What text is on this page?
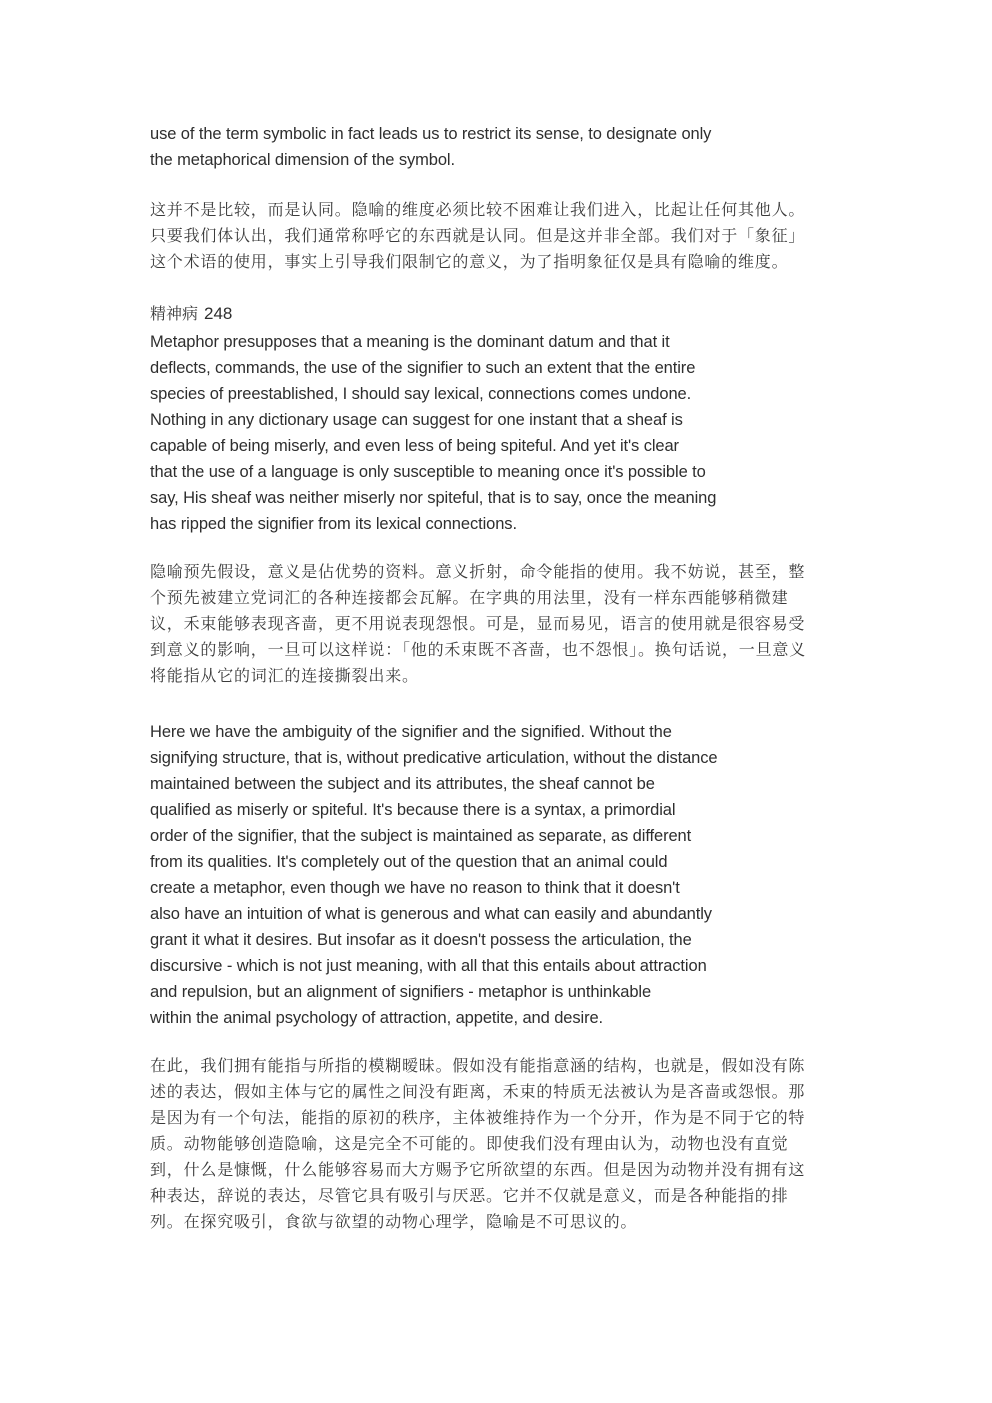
use of the term symbolic in fact leads us to restrict its sense, to designate only
the metaphorical dimension of the symbol.
这并不是比较，而是认同。隐喻的维度必须比较不困难让我们进入，比起让任何其他人。
只要我们体认出，我们通常称呼它的东西就是认同。但是这并非全部。我们对于「象征」
这个术语的使用，事实上引导我们限制它的意义，为了指明象征仅是具有隐喻的维度。
精神病 248
Metaphor presupposes that a meaning is the dominant datum and that it
deflects, commands, the use of the signifier to such an extent that the entire
species of preestablished, I should say lexical, connections comes undone.
Nothing in any dictionary usage can suggest for one instant that a sheaf is
capable of being miserly, and even less of being spiteful. And yet it's clear
that the use of a language is only susceptible to meaning once it's possible to
say, His sheaf was neither miserly nor spiteful, that is to say, once the meaning
has ripped the signifier from its lexical connections.
隐喻预先假设，意义是佔优势的资料。意义折射，命令能指的使用。我不妨说，甚至，整
个预先被建立党词汇的各种连接都会瓦解。在字典的用法里，没有一样东西能够稍微建
议，禾束能够表现吝啬，更不用说表现怨恨。可是，显而易见，语言的使用就是很容易受
到意义的影响，一旦可以这样说：「他的禾束既不吝啬，也不怨恨」。换句话说，一旦意义
将能指从它的词汇的连接撕裂出来。
Here we have the ambiguity of the signifier and the signified. Without the
signifying structure, that is, without predicative articulation, without the distance
maintained between the subject and its attributes, the sheaf cannot be
qualified as miserly or spiteful. It's because there is a syntax, a primordial
order of the signifier, that the subject is maintained as separate, as different
from its qualities. It's completely out of the question that an animal could
create a metaphor, even though we have no reason to think that it doesn't
also have an intuition of what is generous and what can easily and abundantly
grant it what it desires. But insofar as it doesn't possess the articulation, the
discursive - which is not just meaning, with all that this entails about attraction
and repulsion, but an alignment of signifiers - metaphor is unthinkable
within the animal psychology of attraction, appetite, and desire.
在此，我们拥有能指与所指的模糊暧昧。假如没有能指意涵的结构，也就是，假如没有陈
述的表达，假如主体与它的属性之间没有距离，禾束的特质无法被认为是吝啬或怨恨。那
是因为有一个句法，能指的原初的秩序，主体被维持作为一个分开，作为是不同于它的特
质。动物能够创造隐喻，这是完全不可能的。即使我们没有理由认为，动物也没有直觉
到，什么是慷慨，什么能够容易而大方赐予它所欲望的东西。但是因为动物并没有拥有这
种表达，辞说的表达，尽管它具有吸引与厌恶。它并不仅就是意义，而是各种能指的排
列。在探究吸引，食欲与欲望的动物心理学，隐喻是不可思议的。
